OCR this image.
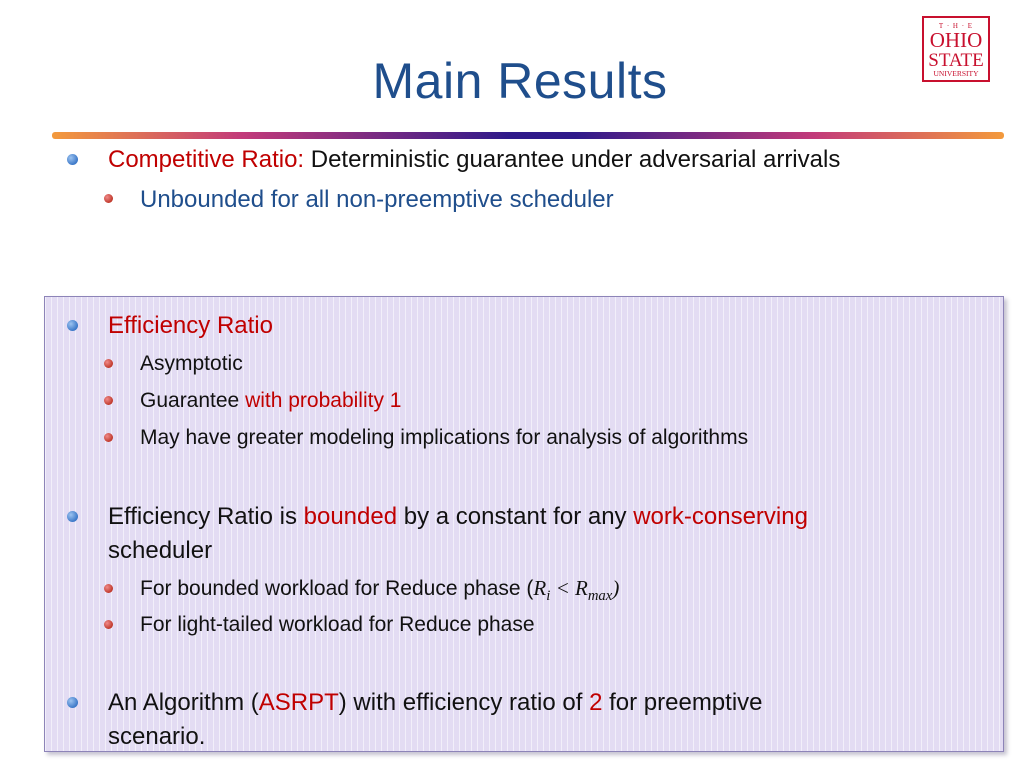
Main Results
T · H · E
OHIO
STATE
UNIVERSITY
Competitive Ratio: Deterministic guarantee under adversarial arrivals
Unbounded for all non-preemptive scheduler
Efficiency Ratio
Asymptotic
Guarantee with probability 1
May have greater modeling implications for analysis of algorithms
Efficiency Ratio is bounded by a constant for any work-conserving
scheduler
For bounded workload for Reduce phase $(R_i < R_{max})$
For light-tailed workload for Reduce phase
An Algorithm (ASRPT) with efficiency ratio of 2 for preemptive
scenario.
